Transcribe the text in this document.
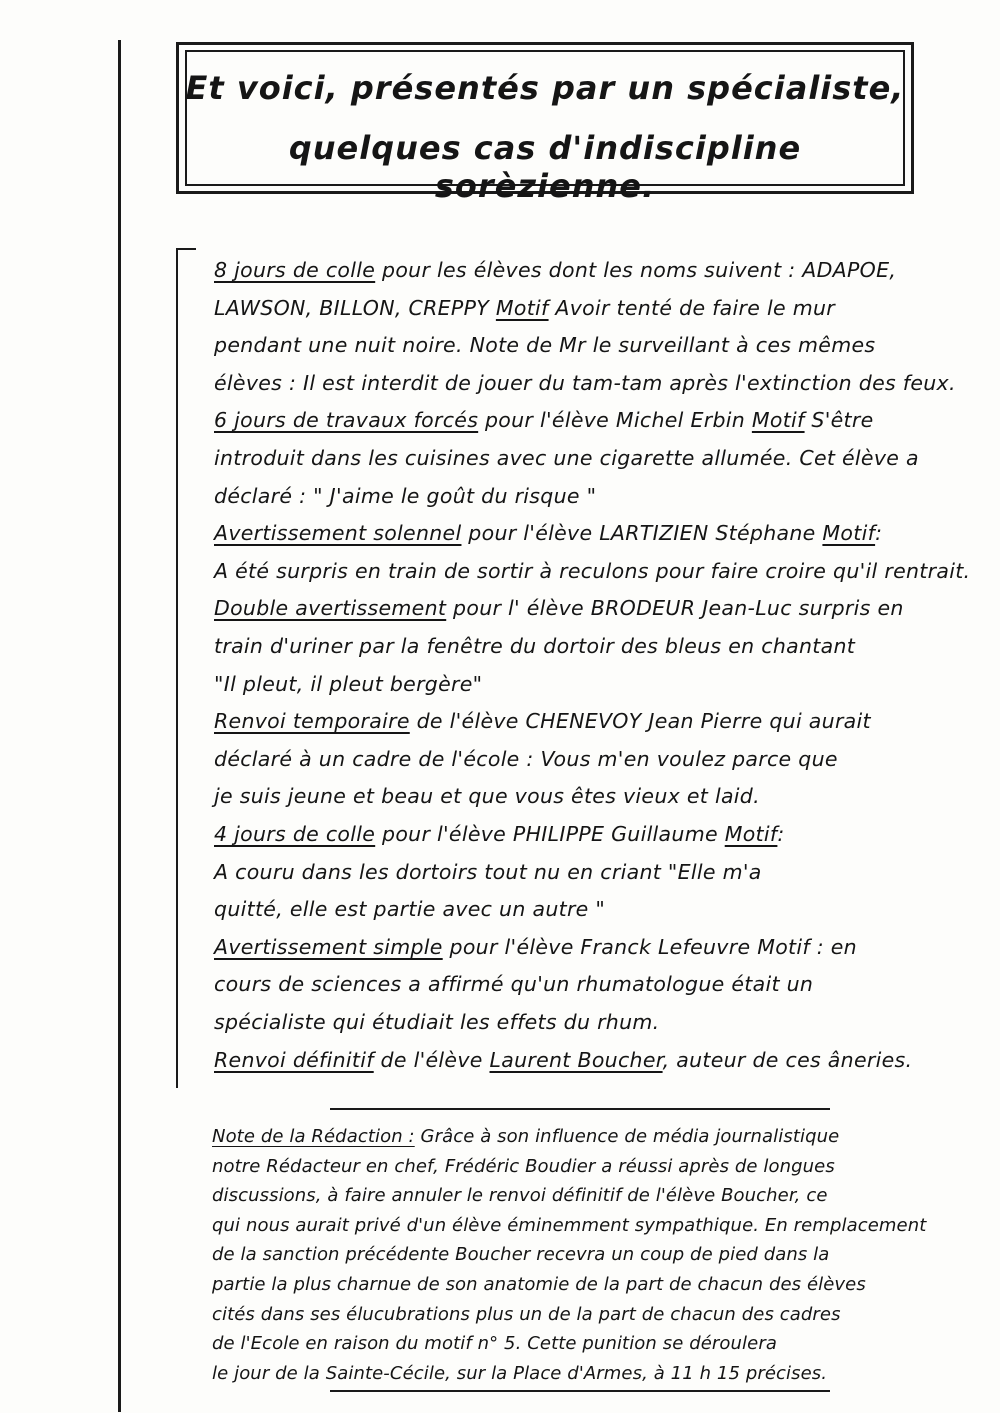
Et voici, présentés par un spécialiste,
quelques cas d'indiscipline sorèzienne.
8 jours de colle pour les élèves dont les noms suivent : ADAPOE,
LAWSON, BILLON, CREPPY Motif Avoir tenté de faire le mur
pendant une nuit noire. Note de Mr le surveillant à ces mêmes
élèves : Il est interdit de jouer du tam-tam après l'extinction des feux.
6 jours de travaux forcés pour l'élève Michel Erbin Motif S'être
introduit dans les cuisines avec une cigarette allumée. Cet élève a
déclaré : " J'aime le goût du risque "
Avertissement solennel pour l'élève LARTIZIEN Stéphane Motif:
A été surpris en train de sortir à reculons pour faire croire qu'il rentrait.
Double avertissement pour l' élève BRODEUR Jean-Luc surpris en
train d'uriner par la fenêtre du dortoir des bleus en chantant
"Il pleut, il pleut bergère"
Renvoi temporaire de l'élève CHENEVOY Jean Pierre qui aurait
déclaré à un cadre de l'école : Vous m'en voulez parce que
je suis jeune et beau et que vous êtes vieux et laid.
4 jours de colle pour l'élève PHILIPPE Guillaume Motif:
A couru dans les dortoirs tout nu en criant "Elle m'a
quitté, elle est partie avec un autre "
Avertissement simple pour l'élève Franck Lefeuvre Motif : en
cours de sciences a affirmé qu'un rhumatologue était un
spécialiste qui étudiait les effets du rhum.
Renvoi définitif de l'élève Laurent Boucher, auteur de ces âneries.
Note de la Rédaction : Grâce à son influence de média journalistique
notre Rédacteur en chef, Frédéric Boudier a réussi après de longues
discussions, à faire annuler le renvoi définitif de l'élève Boucher, ce
qui nous aurait privé d'un élève éminemment sympathique. En remplacement
de la sanction précédente Boucher recevra un coup de pied dans la
partie la plus charnue de son anatomie de la part de chacun des élèves
cités dans ses élucubrations plus un de la part de chacun des cadres
de l'Ecole en raison du motif n° 5. Cette punition se déroulera
le jour de la Sainte-Cécile, sur la Place d'Armes, à 11 h 15 précises.
